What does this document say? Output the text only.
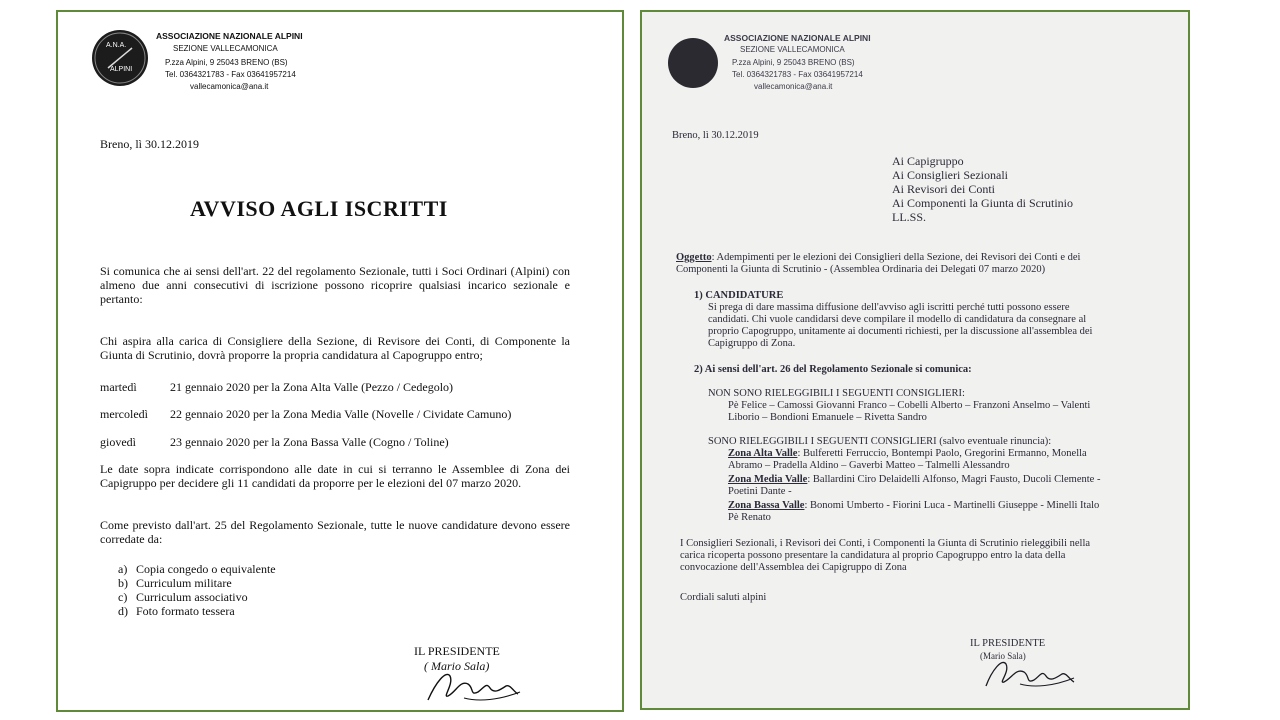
A.N.A.
ALPINI
ASSOCIAZIONE NAZIONALE ALPINI
SEZIONE VALLECAMONICA
P.zza Alpini, 9 25043 BRENO (BS)
Tel. 0364321783 - Fax 03641957214
vallecamonica@ana.it
Breno, lì 30.12.2019
AVVISO AGLI ISCRITTI
Si comunica che ai sensi dell'art. 22 del regolamento Sezionale, tutti i Soci Ordinari (Alpini) con almeno due anni consecutivi di iscrizione possono ricoprire qualsiasi incarico sezionale e pertanto:
Chi aspira alla carica di Consigliere della Sezione, di Revisore dei Conti, di Componente la Giunta di Scrutinio, dovrà proporre la propria candidatura al Capogruppo entro;
martedì	21 gennaio 2020 per la Zona Alta Valle (Pezzo / Cedegolo)
mercoledì 22 gennaio 2020 per la Zona Media Valle (Novelle / Cividate Camuno)
giovedì	23 gennaio 2020 per la Zona Bassa Valle (Cogno / Toline)
Le date sopra indicate corrispondono alle date in cui si terranno le Assemblee di Zona dei Capigruppo per decidere gli 11 candidati da proporre per le elezioni del 07 marzo 2020.
Come previsto dall'art. 25 del Regolamento Sezionale, tutte le nuove candidature devono essere corredate da:
a) Copia congedo o equivalente
b) Curriculum militare
c) Curriculum associativo
d) Foto formato tessera
IL PRESIDENTE
( Mario Sala)
ASSOCIAZIONE NAZIONALE ALPINI
SEZIONE VALLECAMONICA
P.zza Alpini, 9 25043 BRENO (BS)
Tel. 0364321783 - Fax 03641957214
vallecamonica@ana.it
Breno, lì 30.12.2019
Ai Capigruppo
Ai Consiglieri Sezionali
Ai Revisori dei Conti
Ai Componenti la Giunta di Scrutinio
LL.SS.
Oggetto: Adempimenti per le elezioni dei Consiglieri della Sezione, dei Revisori dei Conti e dei
Componenti la Giunta di Scrutinio - (Assemblea Ordinaria dei Delegati 07 marzo 2020)
1) CANDIDATURE
Si prega di dare massima diffusione dell'avviso agli iscritti perché tutti possono essere
candidati. Chi vuole candidarsi deve compilare il modello di candidatura da consegnare al
proprio Capogruppo, unitamente ai documenti richiesti, per la discussione all'assemblea dei
Capigruppo di Zona.
2) Ai sensi dell'art. 26 del Regolamento Sezionale si comunica:
NON SONO RIELEGGIBILI I SEGUENTI CONSIGLIERI:
Pè Felice – Camossi Giovanni Franco – Cobelli Alberto – Franzoni Anselmo – Valenti
Liborio – Bondioni Emanuele – Rivetta Sandro
SONO RIELEGGIBILI I SEGUENTI CONSIGLIERI (salvo eventuale rinuncia):
Zona Alta Valle: Bulferetti Ferruccio, Bontempi Paolo, Gregorini Ermanno, Monella
Abramo – Pradella Aldino – Gaverbi Matteo – Talmelli Alessandro
Zona Media Valle: Ballardini Ciro Delaidelli Alfonso, Magri Fausto, Ducoli Clemente -
Poetini Dante -
Zona Bassa Valle: Bonomi Umberto - Fiorini Luca - Martinelli Giuseppe - Minelli Italo
Pè Renato
I Consiglieri Sezionali, i Revisori dei Conti, i Componenti la Giunta di Scrutinio rieleggibili nella
carica ricoperta possono presentare la candidatura al proprio Capogruppo entro la data della
convocazione dell'Assemblea dei Capigruppo di Zona
Cordiali saluti alpini
IL PRESIDENTE
(Mario Sala)
